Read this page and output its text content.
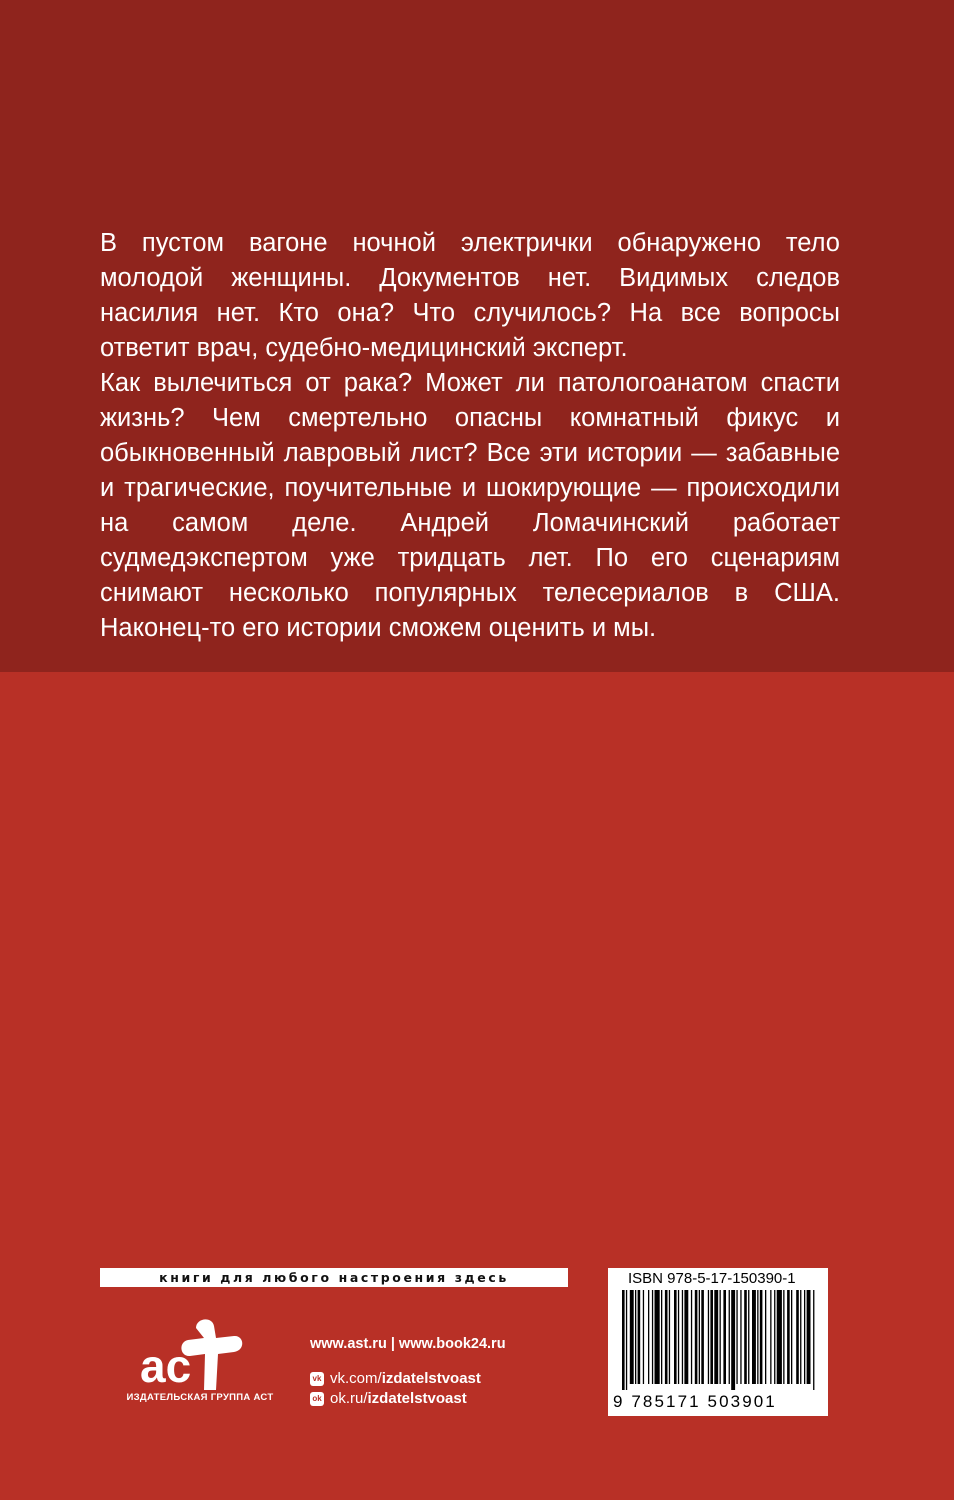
В пустом вагоне ночной электрички обнаружено тело молодой женщины. Документов нет. Видимых следов насилия нет. Кто она? Что случилось? На все вопросы ответит врач, судебно-медицинский эксперт.

Как вылечиться от рака? Может ли патологоанатом спасти жизнь? Чем смертельно опасны комнатный фикус и обыкновенный лавровый лист? Все эти истории — забавные и трагические, поучительные и шокирующие — происходили на самом деле. Андрей Ломачинский работает судмедэкспертом уже тридцать лет. По его сценариям снимают несколько популярных телесериалов в США. Наконец-то его истории сможем оценить и мы.

книги для любого настроения здесь
ас
ИЗДАТЕЛЬСКАЯ ГРУППА АСТ
www.ast.ru | www.book24.ru
vk vk.com/ izdatelstvoast
ok ok.ru/ izdatelstvoast
ISBN 978-5-17-150390-1
9 785171 503901
